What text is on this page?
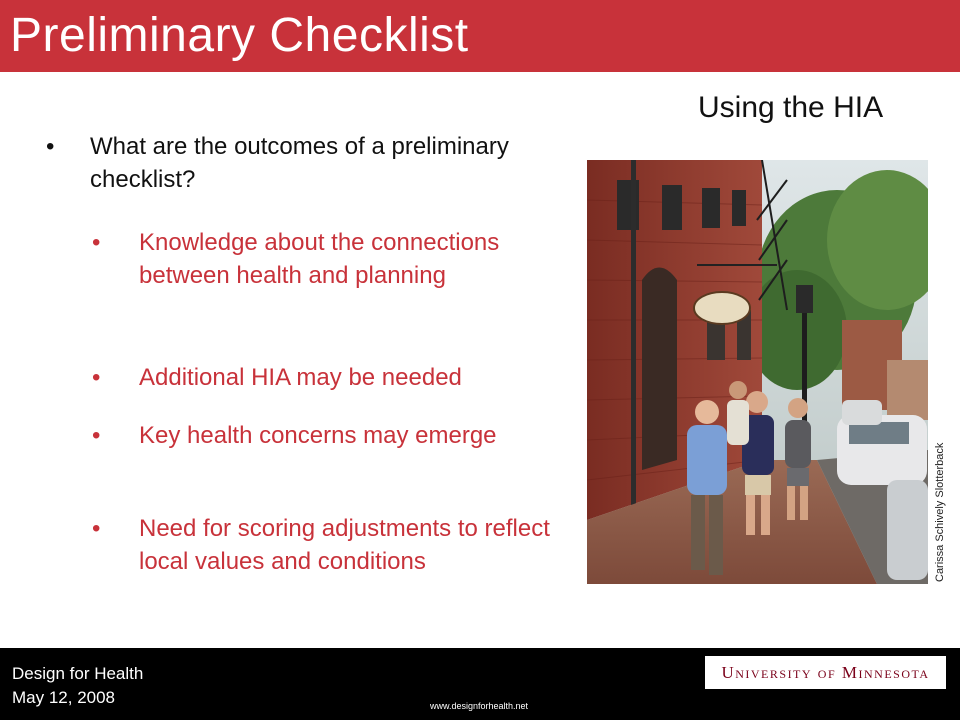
Preliminary Checklist
Using the HIA
• What are the outcomes of a preliminary checklist?
• Knowledge about the connections between health and planning
• Additional HIA may be needed
• Key health concerns may emerge
• Need for scoring adjustments to reflect local values and conditions	Carissa Schively Slotterback
Design for Health
May 12, 2008	www.designforhealth.net
University of Minnesota
